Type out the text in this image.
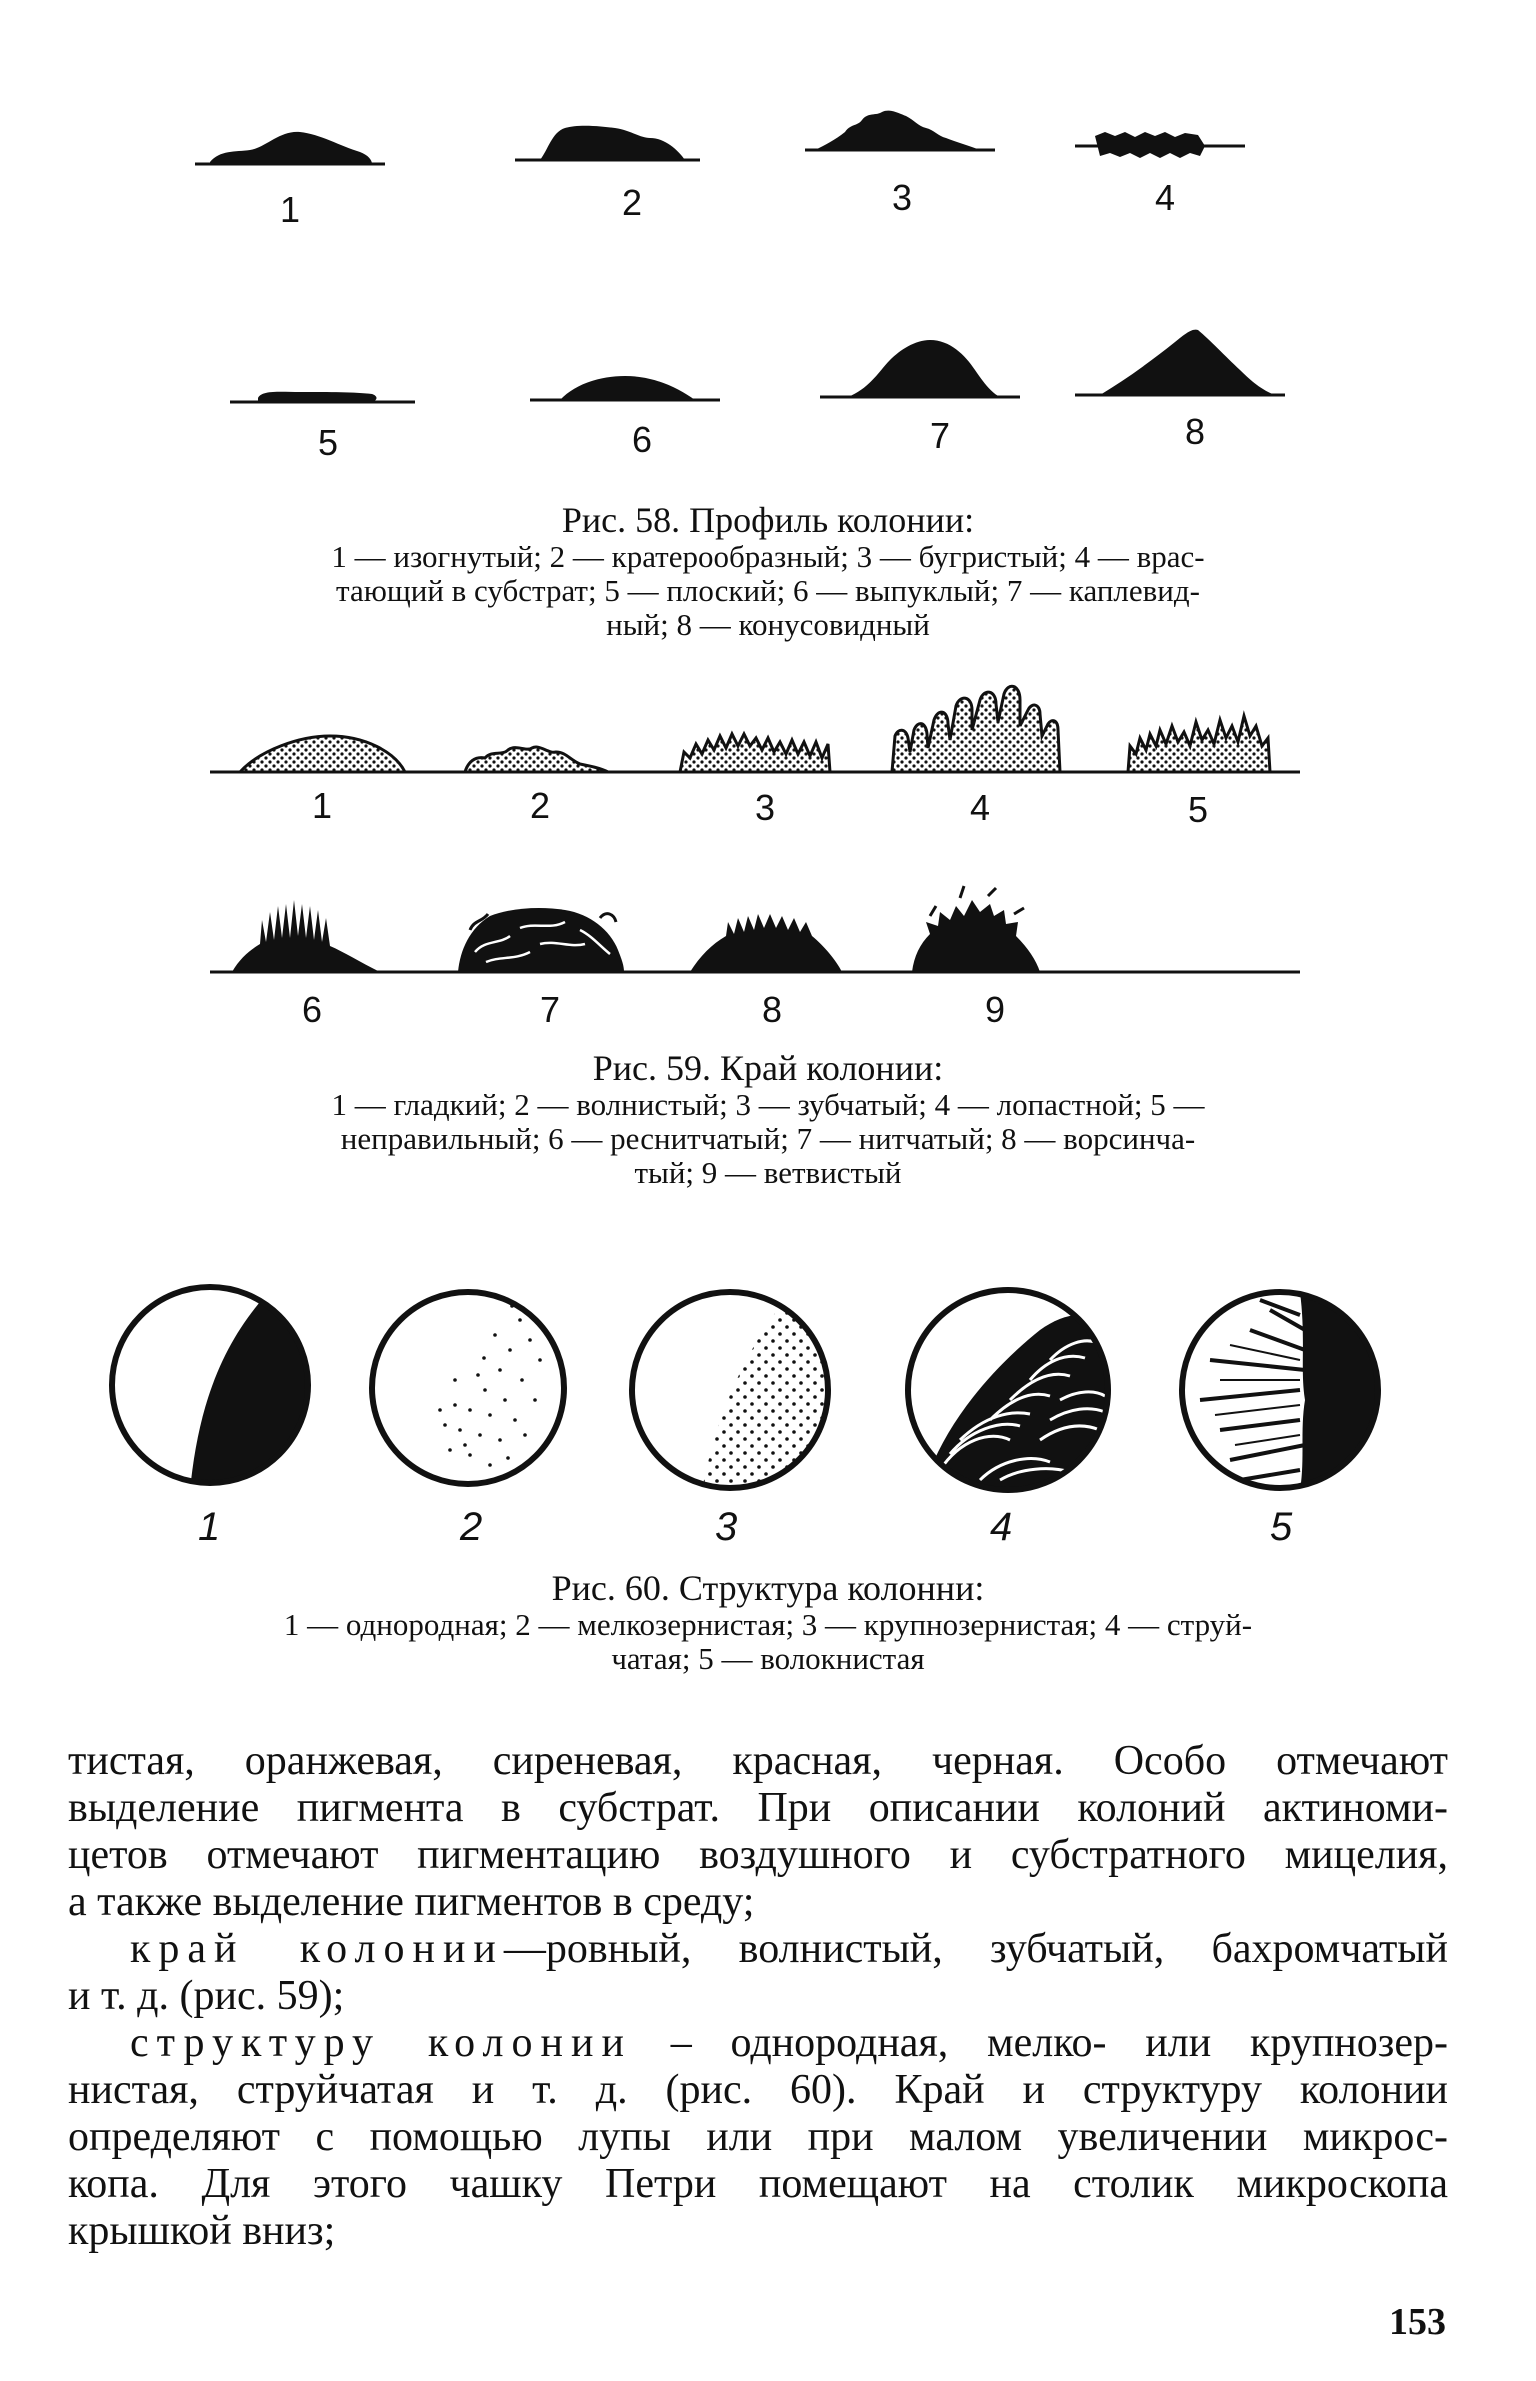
1	2	3	4
5	6	7	8
Рис. 58. Профиль колонии:
1 — изогнутый; 2 — кратерообразный; 3 — бугристый; 4 — врас-
тающий в субстрат; 5 — плоский; 6 — выпуклый; 7 — каплевид-
ный; 8 — конусовидный
1	2	3	4	5
6	7	8	9
Рис. 59. Край колонии:
1 — гладкий; 2 — волнистый; 3 — зубчатый; 4 — лопастной; 5 —
неправильный; 6 — реснитчатый; 7 — нитчатый; 8 — ворсинча-
тый; 9 — ветвистый
1	2	3	4	5
Рис. 60. Структура колонни:
1 — однородная; 2 — мелкозернистая; 3 — крупнозернистая; 4 — струй-
чатая; 5 — волокнистая
тистая, оранжевая, сиреневая, красная, черная. Особо отмечают
выделение пигмента в субстрат. При описании колоний актиноми-
цетов отмечают пигментацию воздушного и субстратного мицелия,
а также выделение пигментов в среду;
край колонии—ровный, волнистый, зубчатый, бахромчатый
и т. д. (рис. 59);
структуру колонии – однородная, мелко- или крупнозер-
нистая, струйчатая и т. д. (рис. 60). Край и структуру колонии
определяют с помощью лупы или при малом увеличении микрос-
копа. Для этого чашку Петри помещают на столик микроскопа
крышкой вниз;
153
